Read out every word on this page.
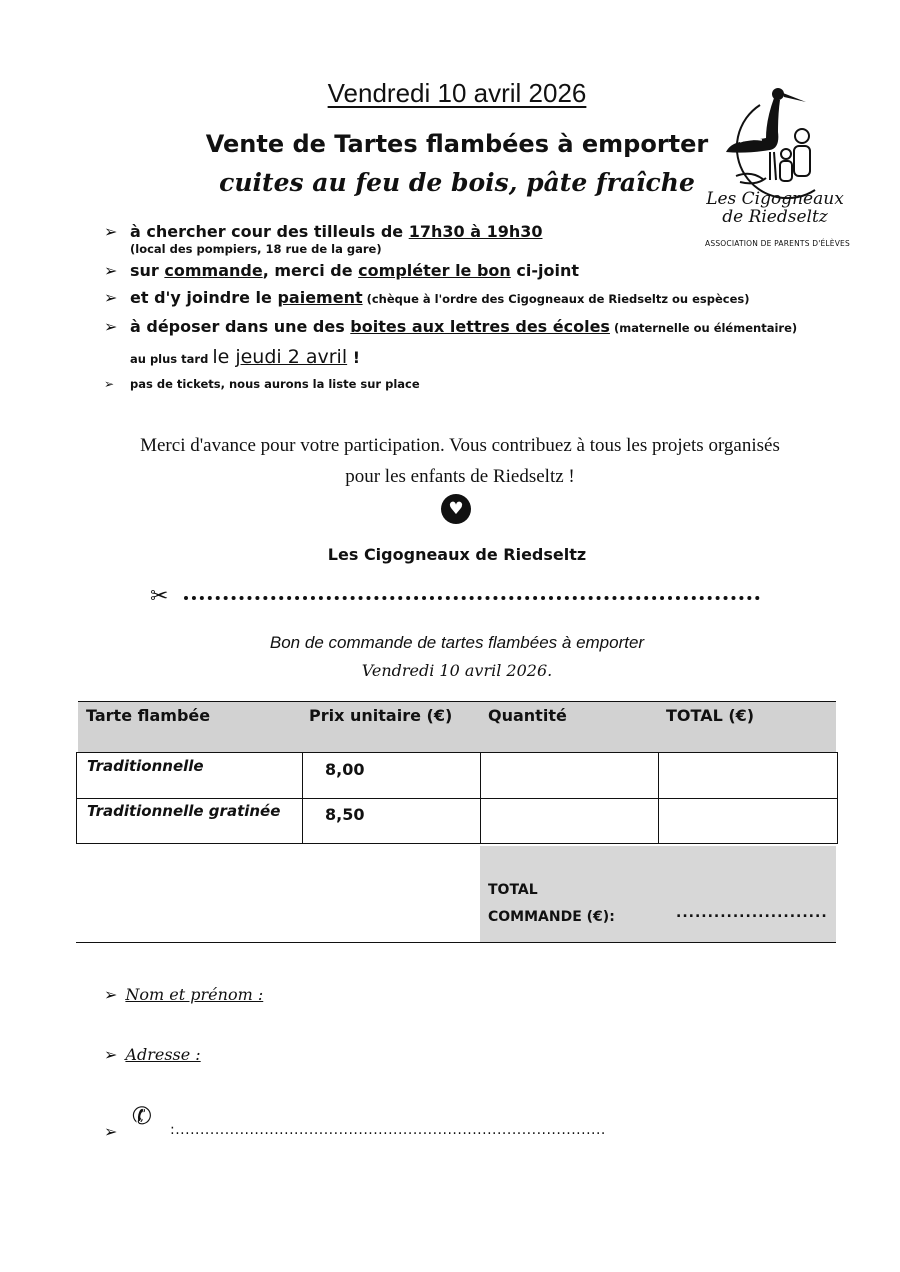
Vendredi 10 avril 2026
Vente de Tartes flambées à emporter
cuites au feu de bois, pâte fraîche
Les Cigogneaux
de Riedseltz
ASSOCIATION DE PARENTS D'ÉLÈVES
➢ à chercher cour des tilleuls de 17h30 à 19h30
(local des pompiers, 18 rue de la gare)
➢ sur commande, merci de compléter le bon ci-joint
➢ et d'y joindre le paiement (chèque à l'ordre des Cigogneaux de Riedseltz ou espèces)
➢ à déposer dans une des boites aux lettres des écoles (maternelle ou élémentaire)
au plus tard le jeudi 2 avril !
➢ pas de tickets, nous aurons la liste sur place
Merci d'avance pour votre participation. Vous contribuez à tous les projets organisés
pour les enfants de Riedseltz !
♥
Les Cigogneaux de Riedseltz
✂
Bon de commande de tartes flambées à emporter
Vendredi 10 avril 2026.
Tarte flambée	Prix unitaire (€) Quantité	TOTAL (€)
Traditionnelle	8,00
Traditionnelle gratinée	8,50
TOTAL
COMMANDE (€):	........................
➢ Nom et prénom :
➢ Adresse :
➢ ✆ :.......................................................................................
